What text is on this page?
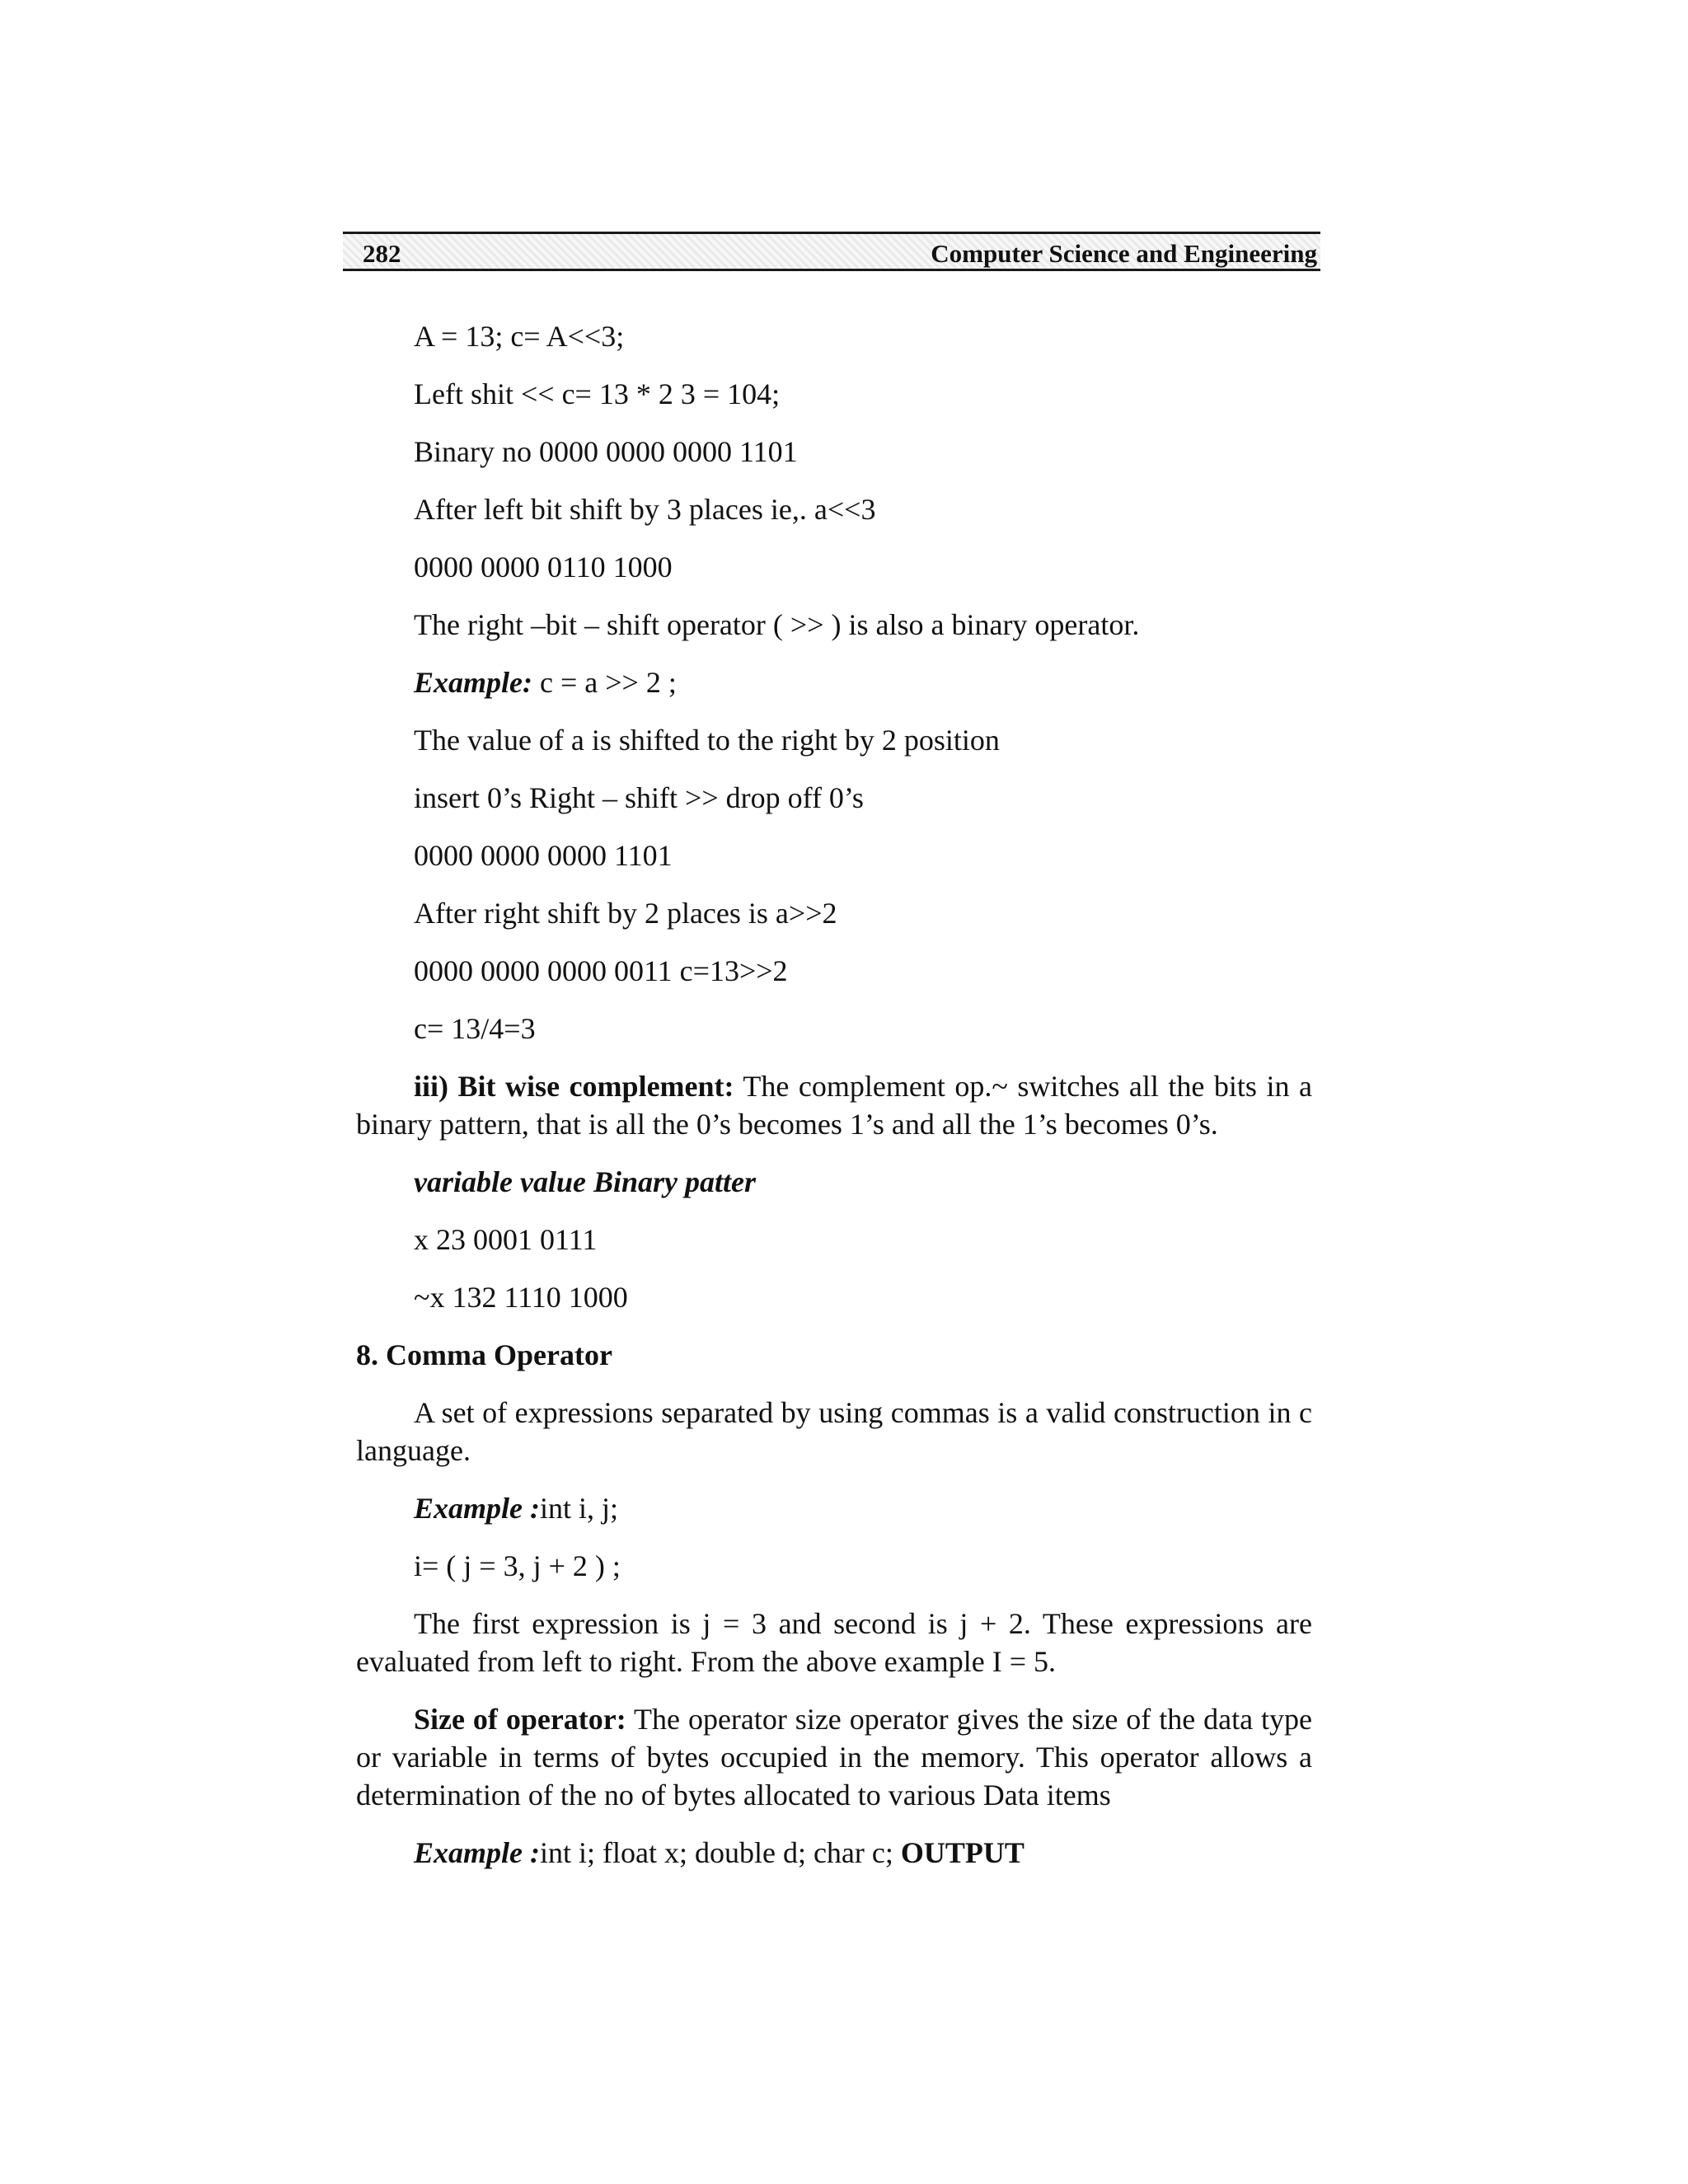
282	Computer Science and Engineering
A = 13; c= A<<3;
Left shit << c= 13 * 2 3 = 104;
Binary no 0000 0000 0000 1101
After left bit shift by 3 places ie,. a<<3
0000 0000 0110 1000
The right –bit – shift operator ( >> ) is also a binary operator.
Example: c = a >> 2 ;
The value of a is shifted to the right by 2 position
insert 0’s Right – shift >> drop off 0’s
0000 0000 0000 1101
After right shift by 2 places is a>>2
0000 0000 0000 0011 c=13>>2
c= 13/4=3

iii) Bit wise complement: The complement op.~ switches all the bits in a binary pattern, that is all the 0’s becomes 1’s and all the 1’s becomes 0’s.

variable value Binary patter
x 23 0001 0111
~x 132 1110 1000
8. Comma Operator

A set of expressions separated by using commas is a valid construction in c language.

Example :int i, j;
i= ( j = 3, j + 2 ) ;

The first expression is j = 3 and second is j + 2. These expressions are evaluated from left to right. From the above example I = 5.

Size of operator: The operator size operator gives the size of the data type or variable in terms of bytes occupied in the memory. This operator allows a determination of the no of bytes allocated to various Data items

Example :int i; float x; double d; char c; OUTPUT
